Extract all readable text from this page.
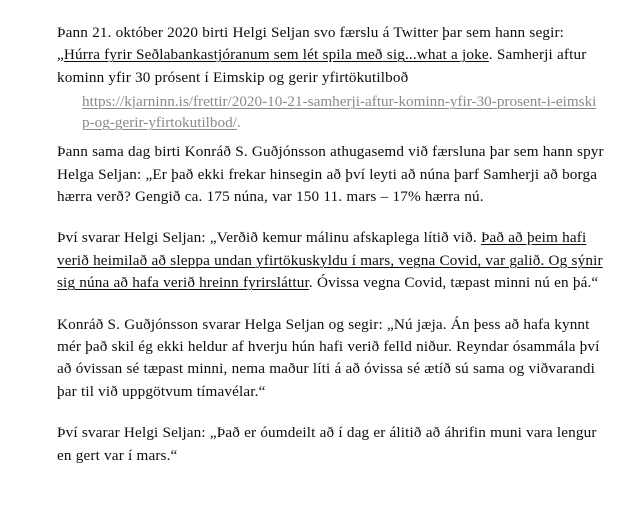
Þann 21. október 2020 birti Helgi Seljan svo færslu á Twitter þar sem hann segir: „Húrra fyrir Seðlabankastjóranum sem lét spila með sig...what a joke. Samherji aftur kominn yfir 30 prósent í Eimskip og gerir yfirtökutilboð

https://kjarninn.is/frettir/2020-10-21-samherji-aftur-kominn-yfir-30-prosent-i-eimskip-og-gerir-yfirtokutilbod/.

Þann sama dag birti Konráð S. Guðjónsson athugasemd við færsluna þar sem hann spyr Helga Seljan: „Er það ekki frekar hinsegin að því leyti að núna þarf Samherji að borga hærra verð? Gengið ca. 175 núna, var 150 11. mars – 17% hærra nú.

Því svarar Helgi Seljan: „Verðið kemur málinu afskaplega lítið við. Það að þeim hafi verið heimilað að sleppa undan yfirtökuskyldu í mars, vegna Covid, var galið. Og sýnir sig núna að hafa verið hreinn fyrirsláttur. Óvissa vegna Covid, tæpast minni nú en þá.“

Konráð S. Guðjónsson svarar Helga Seljan og segir: „Nú jæja. Án þess að hafa kynnt mér það skil ég ekki heldur af hverju hún hafi verið felld niður. Reyndar ósammála því að óvissan sé tæpast minni, nema maður líti á að óvissa sé ætíð sú sama og viðvarandi þar til við uppgötvum tímavélar.“

Því svarar Helgi Seljan: „Það er óumdeilt að í dag er álitið að áhrifin muni vara lengur en gert var í mars.“
